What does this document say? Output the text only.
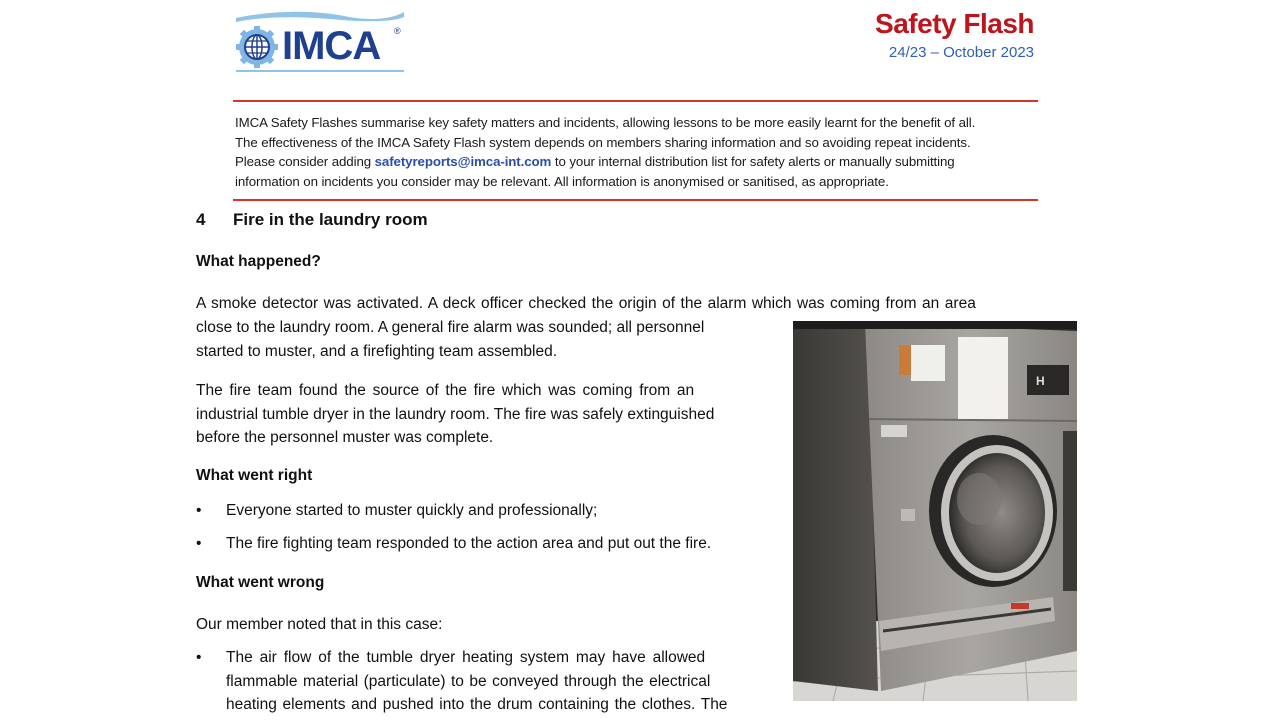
IMCA ®	Safety Flash
24/23 – October 2023
IMCA Safety Flashes summarise key safety matters and incidents, allowing lessons to be more easily learnt for the benefit of all.
The effectiveness of the IMCA Safety Flash system depends on members sharing information and so avoiding repeat incidents.
Please consider adding safetyreports@imca-int.com to your internal distribution list for safety alerts or manually submitting
information on incidents you consider may be relevant. All information is anonymised or sanitised, as appropriate.
4 Fire in the laundry room
What happened?
A smoke detector was activated. A deck officer checked the origin of the alarm which was coming from an area
close to the laundry room. A general fire alarm was sounded; all personnel
started to muster, and a firefighting team assembled.
The fire team found the source of the fire which was coming from an
industrial tumble dryer in the laundry room. The fire was safely extinguished
before the personnel muster was complete.
What went right
•	Everyone started to muster quickly and professionally;
•	The fire fighting team responded to the action area and put out the fire.
What went wrong
Our member noted that in this case:
•	The air flow of the tumble dryer heating system may have allowed
flammable material (particulate) to be conveyed through the electrical
heating elements and pushed into the drum containing the clothes. The
H
